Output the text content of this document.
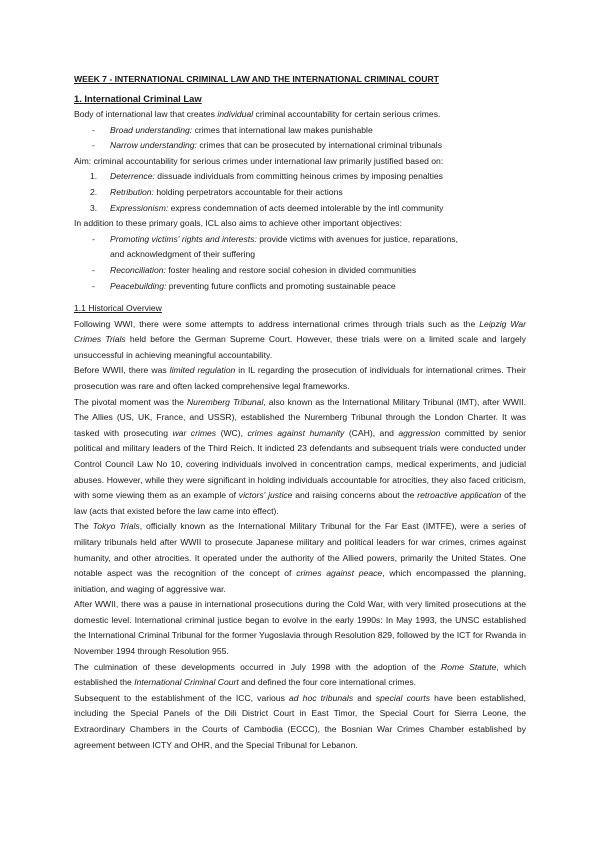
WEEK 7 - INTERNATIONAL CRIMINAL LAW AND THE INTERNATIONAL CRIMINAL COURT
1. International Criminal Law

Body of international law that creates individual criminal accountability for certain serious crimes.

- Broad understanding: crimes that international law makes punishable
- Narrow understanding: crimes that can be prosecuted by international criminal tribunals

Aim: criminal accountability for serious crimes under international law primarily justified based on:

1. Deterrence: dissuade individuals from committing heinous crimes by imposing penalties
2. Retribution: holding perpetrators accountable for their actions
3. Expressionism: express condemnation of acts deemed intolerable by the intl community

In addition to these primary goals, ICL also aims to achieve other important objectives:

- Promoting victims' rights and interests: provide victims with avenues for justice, reparations,
and acknowledgment of their suffering
- Reconciliation: foster healing and restore social cohesion in divided communities
- Peacebuilding: preventing future conflicts and promoting sustainable peace

1.1 Historical Overview

Following WWI, there were some attempts to address international crimes through trials such as the Leipzig War Crimes Trials held before the German Supreme Court. However, these trials were on a limited scale and largely unsuccessful in achieving meaningful accountability.

Before WWII, there was limited regulation in IL regarding the prosecution of individuals for international crimes. Their prosecution was rare and often lacked comprehensive legal frameworks.

The pivotal moment was the Nuremberg Tribunal, also known as the International Military Tribunal (IMT), after WWII. The Allies (US, UK, France, and USSR), established the Nuremberg Tribunal through the London Charter. It was tasked with prosecuting war crimes (WC), crimes against humanity (CAH), and aggression committed by senior political and military leaders of the Third Reich. It indicted 23 defendants and subsequent trials were conducted under Control Council Law No 10, covering individuals involved in concentration camps, medical experiments, and judicial abuses. However, while they were significant in holding individuals accountable for atrocities, they also faced criticism, with some viewing them as an example of victors' justice and raising concerns about the retroactive application of the law (acts that existed before the law came into effect).

The Tokyo Trials, officially known as the International Military Tribunal for the Far East (IMTFE), were a series of military tribunals held after WWII to prosecute Japanese military and political leaders for war crimes, crimes against humanity, and other atrocities. It operated under the authority of the Allied powers, primarily the United States. One notable aspect was the recognition of the concept of crimes against peace, which encompassed the planning, initiation, and waging of aggressive war.

After WWII, there was a pause in international prosecutions during the Cold War, with very limited prosecutions at the domestic level. International criminal justice began to evolve in the early 1990s: In May 1993, the UNSC established the International Criminal Tribunal for the former Yugoslavia through Resolution 829, followed by the ICT for Rwanda in November 1994 through Resolution 955.

The culmination of these developments occurred in July 1998 with the adoption of the Rome Statute, which established the International Criminal Court and defined the four core international crimes.

Subsequent to the establishment of the ICC, various ad hoc tribunals and special courts have been established, including the Special Panels of the Dili District Court in East Timor, the Special Court for Sierra Leone, the Extraordinary Chambers in the Courts of Cambodia (ECCC), the Bosnian War Crimes Chamber established by agreement between ICTY and OHR, and the Special Tribunal for Lebanon.
